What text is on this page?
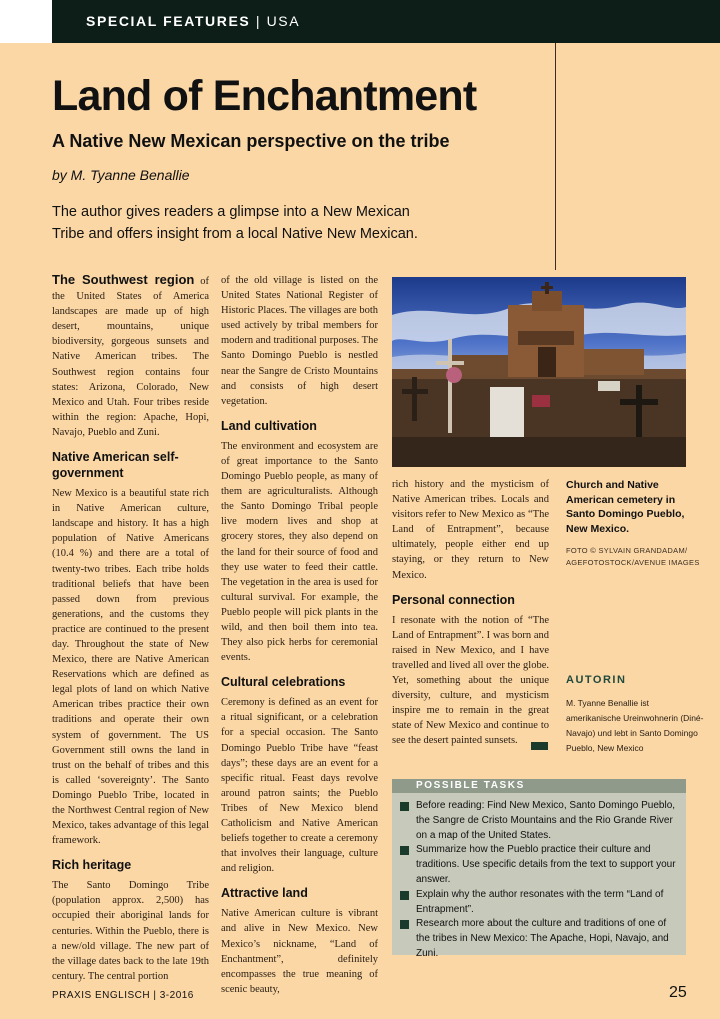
SPECIAL FEATURES | USA
Land of Enchantment
A Native New Mexican perspective on the tribe
by M. Tyanne Benallie
The author gives readers a glimpse into a New Mexican Tribe and offers insight from a local Native New Mexican.

The Southwest region of the United States of America landscapes are made up of high desert, mountains, unique biodiversity, gorgeous sunsets and Native American tribes. The Southwest region contains four states: Arizona, Colorado, New Mexico and Utah. Four tribes reside within the region: Apache, Hopi, Navajo, Pueblo and Zuni.

Native American self-government

New Mexico is a beautiful state rich in Native American culture, landscape and history. It has a high population of Native Americans (10.4 %) and there are a total of twenty-two tribes. Each tribe holds traditional beliefs that have been passed down from previous generations, and the customs they practice are continued to the present day. Throughout the state of New Mexico, there are Native American Reservations which are defined as legal plots of land on which Native American tribes practice their own traditions and operate their own system of government. The US Government still owns the land in trust on the behalf of tribes and this is called ‘sovereignty’. The Santo Domingo Pueblo Tribe, located in the Northwest Central region of New Mexico, takes advantage of this legal framework.

Rich heritage

The Santo Domingo Tribe (population approx. 2,500) has occupied their aboriginal lands for centuries. Within the Pueblo, there is a new/old village. The new part of the village dates back to the late 19th century. The central portion

of the old village is listed on the United States National Register of Historic Places. The villages are both used actively by tribal members for modern and traditional purposes. The Santo Domingo Pueblo is nestled near the Sangre de Cristo Mountains and consists of high desert vegetation.

Land cultivation

The environment and ecosystem are of great importance to the Santo Domingo Pueblo people, as many of them are agriculturalists. Although the Santo Domingo Tribal people live modern lives and shop at grocery stores, they also depend on the land for their source of food and they use water to feed their cattle. The vegetation in the area is used for cultural survival. For example, the Pueblo people will pick plants in the wild, and then boil them into tea. They also pick herbs for ceremonial events.

Cultural celebrations

Ceremony is defined as an event for a ritual significant, or a celebration for a special occasion. The Santo Domingo Pueblo Tribe have “feast days”; these days are an event for a specific ritual. Feast days revolve around patron saints; the Pueblo Tribes of New Mexico blend Catholicism and Native American beliefs together to create a ceremony that involves their language, culture and religion.

Attractive land

Native American culture is vibrant and alive in New Mexico. New Mexico’s nickname, “Land of Enchantment”, definitely encompasses the true meaning of scenic beauty,

rich history and the mysticism of Native American tribes. Locals and visitors refer to New Mexico as “The Land of Entrapment”, because ultimately, people either end up staying, or they return to New Mexico.

Personal connection

I resonate with the notion of “The Land of Entrapment”. I was born and raised in New Mexico, and I have travelled and lived all over the globe. Yet, something about the unique diversity, culture, and mysticism inspire me to remain in the great state of New Mexico and continue to see the desert painted sunsets.

Church and Native American cemetery in Santo Domingo Pueblo, New Mexico.
FOTO © SYLVAIN GRANDADAM/ AGEFOTOSTOCK/AVENUE IMAGES
AUTORIN
M. Tyanne Benallie ist amerikanische Ureinwohnerin (Diné-Navajo) und lebt in Santo Domingo Pueblo, New Mexico
POSSIBLE TASKS
Before reading: Find New Mexico, Santo Domingo Pueblo, the Sangre de Cristo Mountains and the Rio Grande River on a map of the United States.
Summarize how the Pueblo practice their culture and traditions. Use specific details from the text to support your answer.
Explain why the author resonates with the term “Land of Entrapment”.
Research more about the culture and traditions of one of the tribes in New Mexico: The Apache, Hopi, Navajo, and Zuni.
PRAXIS ENGLISCH | 3-2016	25
